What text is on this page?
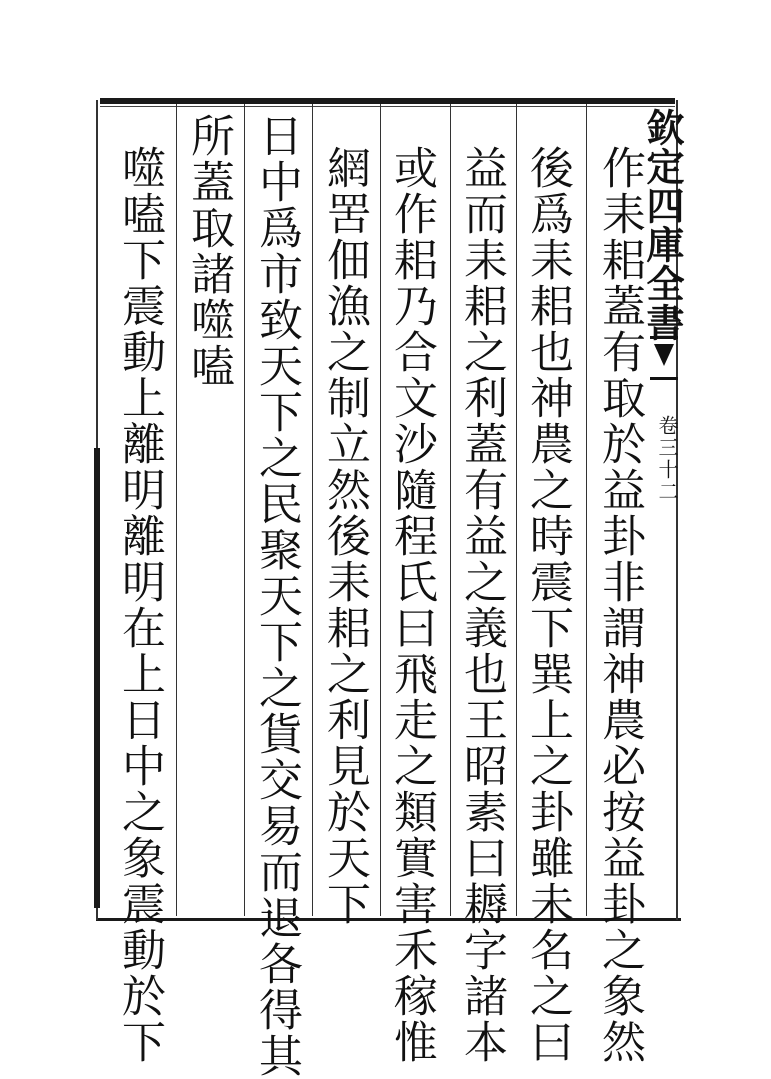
欽定四庫全書
卷三十二
作耒耜蓋有取於益卦非謂神農必按益卦之象然
後爲耒耜也神農之時震下巽上之卦雖未名之曰
益而耒耜之利蓋有益之義也王昭素曰耨字諸本
或作耜乃合文沙隨程氏曰飛走之類實害禾稼惟
網罟佃漁之制立然後耒耜之利見於天下
日中爲市致天下之民聚天下之貨交易而退各得其
所蓋取諸噬嗑
噬嗑下震動上離明離明在上日中之象震動於下
